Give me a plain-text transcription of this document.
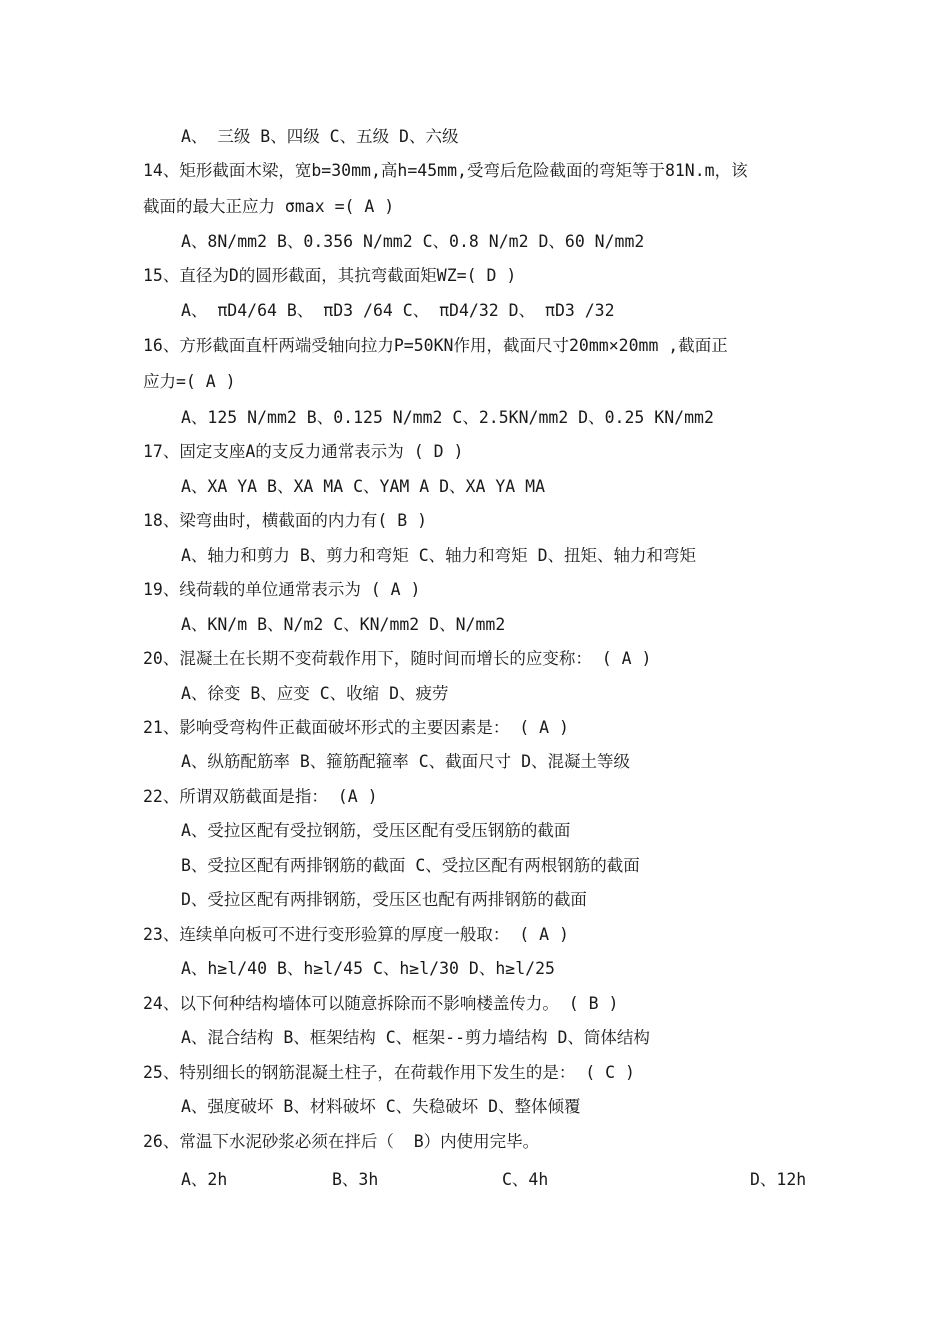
A、 三级 B、四级 C、五级 D、六级
14、矩形截面木梁，宽b=30mm,高h=45mm,受弯后危险截面的弯矩等于81N.m，该
截面的最大正应力 σmax =( A )
A、8N/mm2 B、0.356 N/mm2 C、0.8 N/m2 D、60 N/mm2
15、直径为D的圆形截面，其抗弯截面矩WZ=( D )
A、 πD4/64 B、 πD3 /64 C、 πD4/32 D、 πD3 /32
16、方形截面直杆两端受轴向拉力P=50KN作用，截面尺寸20mm×20mm ,截面正
应力=( A )
A、125 N/mm2 B、0.125 N/mm2 C、2.5KN/mm2 D、0.25 KN/mm2
17、固定支座A的支反力通常表示为 ( D )
A、XA YA B、XA MA C、YAM A D、XA YA MA
18、梁弯曲时，横截面的内力有( B )
A、轴力和剪力 B、剪力和弯矩 C、轴力和弯矩 D、扭矩、轴力和弯矩
19、线荷载的单位通常表示为 ( A )
A、KN/m B、N/m2 C、KN/mm2 D、N/mm2
20、混凝土在长期不变荷载作用下，随时间而增长的应变称： ( A )
A、徐变 B、应变 C、收缩 D、疲劳
21、影响受弯构件正截面破坏形式的主要因素是： ( A )
A、纵筋配筋率 B、箍筋配箍率 C、截面尺寸 D、混凝土等级
22、所谓双筋截面是指： (A )
A、受拉区配有受拉钢筋，受压区配有受压钢筋的截面
B、受拉区配有两排钢筋的截面 C、受拉区配有两根钢筋的截面
D、受拉区配有两排钢筋，受压区也配有两排钢筋的截面
23、连续单向板可不进行变形验算的厚度一般取： ( A )
A、h≥l/40 B、h≥l/45 C、h≥l/30 D、h≥l/25
24、以下何种结构墙体可以随意拆除而不影响楼盖传力。 ( B )
A、混合结构 B、框架结构 C、框架--剪力墙结构 D、筒体结构
25、特别细长的钢筋混凝土柱子，在荷载作用下发生的是： ( C )
A、强度破坏 B、材料破坏 C、失稳破坏 D、整体倾覆
26、常温下水泥砂浆必须在拌后（  B）内使用完毕。

A、2h

	B、3h

	C、4h

	D、12h
